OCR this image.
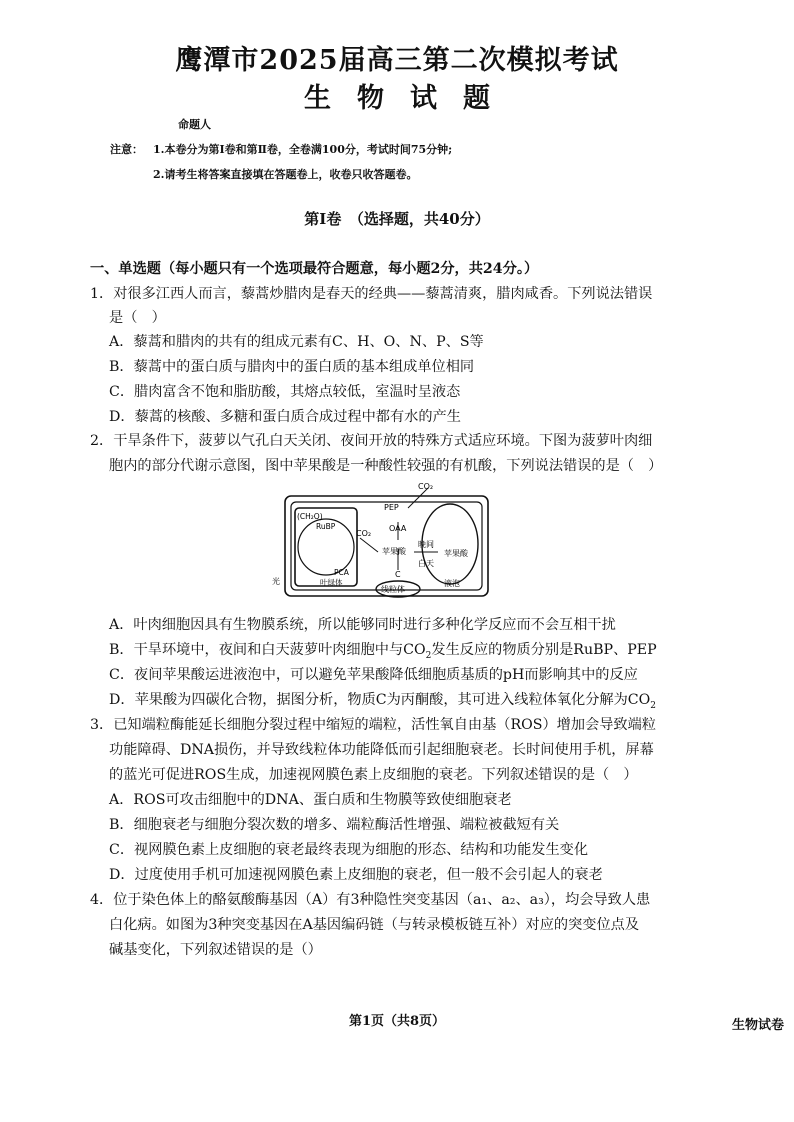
鹰潭市2025届高三第二次模拟考试
生物试题
命题人
注意： 1.本卷分为第Ⅰ卷和第Ⅱ卷，全卷满100分，考试时间75分钟;
2.请考生将答案直接填在答题卷上，收卷只收答题卷。
第Ⅰ卷　（选择题，共40分）
一、单选题（每小题只有一个选项最符合题意，每小题2分，共24分。）
1．对很多江西人而言，藜蒿炒腊肉是春天的经典——藜蒿清爽，腊肉咸香。下列说法错误
是（　）
A．藜蒿和腊肉的共有的组成元素有C、H、O、N、P、S等
B．藜蒿中的蛋白质与腊肉中的蛋白质的基本组成单位相同
C．腊肉富含不饱和脂肪酸，其熔点较低，室温时呈液态
D．藜蒿的核酸、多糖和蛋白质合成过程中都有水的产生
2．干旱条件下，菠萝以气孔白天关闭、夜间开放的特殊方式适应环境。下图为菠萝叶肉细
胞内的部分代谢示意图，图中苹果酸是一种酸性较强的有机酸，下列说法错误的是（　）
CO₂
PEP
(CH₂O)
RuBP
CO₂
OAA
苹果酸
晚间
白天
苹果酸
PCA
叶绿体
C
线粒体
液泡
光
A．叶肉细胞因具有生物膜系统，所以能够同时进行多种化学反应而不会互相干扰
B．干旱环境中，夜间和白天菠萝叶肉细胞中与$CO_2$发生反应的物质分别是RuBP、PEP
C．夜间苹果酸运进液泡中，可以避免苹果酸降低细胞质基质的pH而影响其中的反应
D．苹果酸为四碳化合物，据图分析，物质C为丙酮酸，其可进入线粒体氧化分解为$CO_2$
3．已知端粒酶能延长细胞分裂过程中缩短的端粒，活性氧自由基（ROS）增加会导致端粒
功能障碍、DNA损伤，并导致线粒体功能降低而引起细胞衰老。长时间使用手机，屏幕
的蓝光可促进ROS生成，加速视网膜色素上皮细胞的衰老。下列叙述错误的是（　）
A．ROS可攻击细胞中的DNA、蛋白质和生物膜等致使细胞衰老
B．细胞衰老与细胞分裂次数的增多、端粒酶活性增强、端粒被截短有关
C．视网膜色素上皮细胞的衰老最终表现为细胞的形态、结构和功能发生变化
D．过度使用手机可加速视网膜色素上皮细胞的衰老，但一般不会引起人的衰老
4．位于染色体上的酪氨酸酶基因（A）有3种隐性突变基因（a₁、a₂、a₃），均会导致人患
白化病。如图为3种突变基因在A基因编码链（与转录模板链互补）对应的突变位点及
碱基变化，下列叙述错误的是（）
第1页（共8页）	生物试卷
